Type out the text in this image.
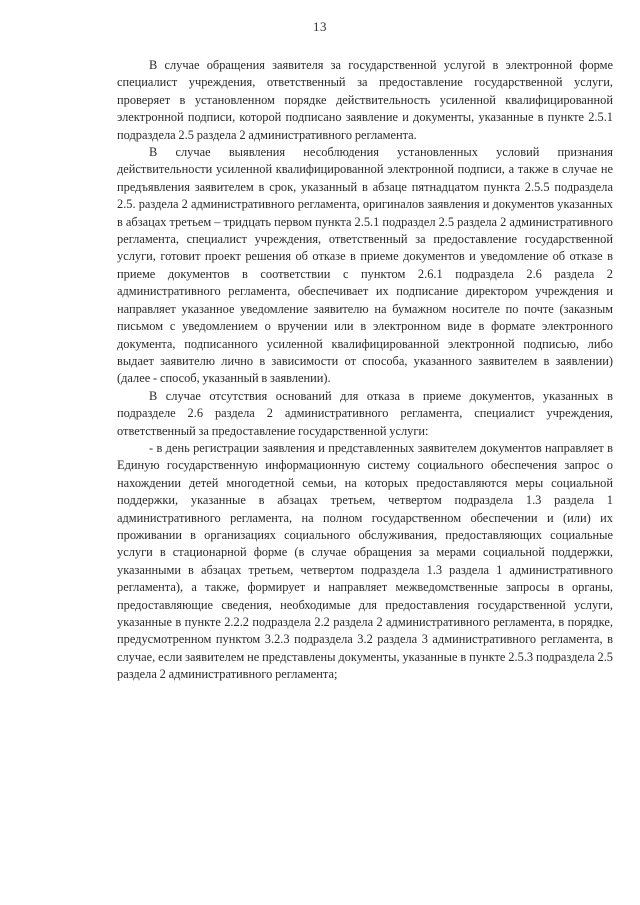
13

В случае обращения заявителя за государственной услугой в электронной форме специалист учреждения, ответственный за предоставление государственной услуги, проверяет в установленном порядке действительность усиленной квалифицированной электронной подписи, которой подписано заявление и документы, указанные в пункте 2.5.1 подраздела 2.5 раздела 2 административного регламента.

В случае выявления несоблюдения установленных условий признания действительности усиленной квалифицированной электронной подписи, а также в случае не предъявления заявителем в срок, указанный в абзаце пятнадцатом пункта 2.5.5 подраздела 2.5. раздела 2 административного регламента, оригиналов заявления и документов указанных в абзацах третьем – тридцать первом пункта 2.5.1 подраздел 2.5 раздела 2 административного регламента, специалист учреждения, ответственный за предоставление государственной услуги, готовит проект решения об отказе в приеме документов и уведомление об отказе в приеме документов в соответствии с пунктом 2.6.1 подраздела 2.6 раздела 2 административного регламента, обеспечивает их подписание директором учреждения и направляет указанное уведомление заявителю на бумажном носителе по почте (заказным письмом с уведомлением о вручении или в электронном виде в формате электронного документа, подписанного усиленной квалифицированной электронной подписью, либо выдает заявителю лично в зависимости от способа, указанного заявителем в заявлении) (далее - способ, указанный в заявлении).

В случае отсутствия оснований для отказа в приеме документов, указанных в подразделе 2.6 раздела 2 административного регламента, специалист учреждения, ответственный за предоставление государственной услуги:

- в день регистрации заявления и представленных заявителем документов направляет в Единую государственную информационную систему социального обеспечения запрос о нахождении детей многодетной семьи, на которых предоставляются меры социальной поддержки, указанные в абзацах третьем, четвертом подраздела 1.3 раздела 1 административного регламента, на полном государственном обеспечении и (или) их проживании в организациях социального обслуживания, предоставляющих социальные услуги в стационарной форме (в случае обращения за мерами социальной поддержки, указанными в абзацах третьем, четвертом подраздела 1.3 раздела 1 административного регламента), а также, формирует и направляет межведомственные запросы в органы, предоставляющие сведения, необходимые для предоставления государственной услуги, указанные в пункте 2.2.2 подраздела 2.2 раздела 2 административного регламента, в порядке, предусмотренном пунктом 3.2.3 подраздела 3.2 раздела 3 административного регламента, в случае, если заявителем не представлены документы, указанные в пункте 2.5.3 подраздела 2.5 раздела 2 административного регламента;
